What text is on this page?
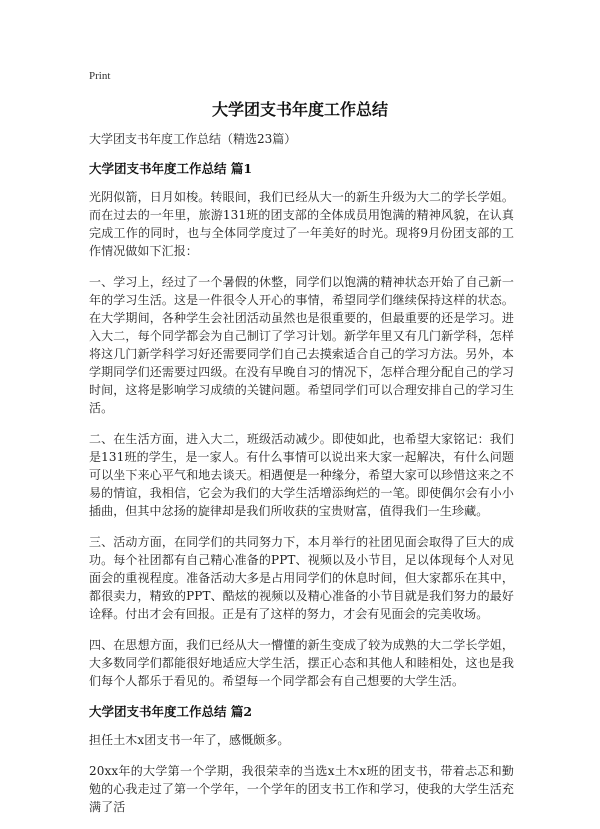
Print
大学团支书年度工作总结

大学团支书年度工作总结（精选23篇）

大学团支书年度工作总结 篇1

光阴似箭，日月如梭。转眼间，我们已经从大一的新生升级为大二的学长学姐。而在过去的一年里，旅游131班的团支部的全体成员用饱满的精神风貌，在认真完成工作的同时，也与全体同学度过了一年美好的时光。现将9月份团支部的工作情况做如下汇报：

一、学习上，经过了一个暑假的休整，同学们以饱满的精神状态开始了自己新一年的学习生活。这是一件很令人开心的事情，希望同学们继续保持这样的状态。在大学期间，各种学生会社团活动虽然也是很重要的，但最重要的还是学习。进入大二，每个同学都会为自己制订了学习计划。新学年里又有几门新学科，怎样将这几门新学科学习好还需要同学们自己去摸索适合自己的学习方法。另外，本学期同学们还需要过四级。在没有早晚自习的情况下，怎样合理分配自己的学习时间，这将是影响学习成绩的关键问题。希望同学们可以合理安排自己的学习生活。

二、在生活方面，进入大二，班级活动减少。即使如此，也希望大家铭记：我们是131班的学生，是一家人。有什么事情可以说出来大家一起解决，有什么问题可以坐下来心平气和地去谈天。相遇便是一种缘分，希望大家可以珍惜这来之不易的情谊，我相信，它会为我们的大学生活增添绚烂的一笔。即使偶尔会有小小插曲，但其中忿扬的旋律却是我们所收获的宝贵财富，值得我们一生珍藏。

三、活动方面，在同学们的共同努力下，本月举行的社团见面会取得了巨大的成功。每个社团都有自己精心准备的PPT、视频以及小节目，足以体现每个人对见面会的重视程度。准备活动大多是占用同学们的休息时间，但大家都乐在其中，都很卖力，精致的PPT、酷炫的视频以及精心准备的小节目就是我们努力的最好诠释。付出才会有回报。正是有了这样的努力，才会有见面会的完美收场。

四、在思想方面，我们已经从大一懵懂的新生变成了较为成熟的大二学长学姐，大多数同学们都能很好地适应大学生活，摆正心态和其他人和睦相处，这也是我们每个人都乐于看见的。希望每一个同学都会有自己想要的大学生活。

大学团支书年度工作总结 篇2

担任土木x团支书一年了，感慨颇多。

20xx年的大学第一个学期，我很荣幸的当选x土木x班的团支书，带着忐忑和勤勉的心我走过了第一个学年，一个学年的团支书工作和学习，使我的大学生活充满了活
